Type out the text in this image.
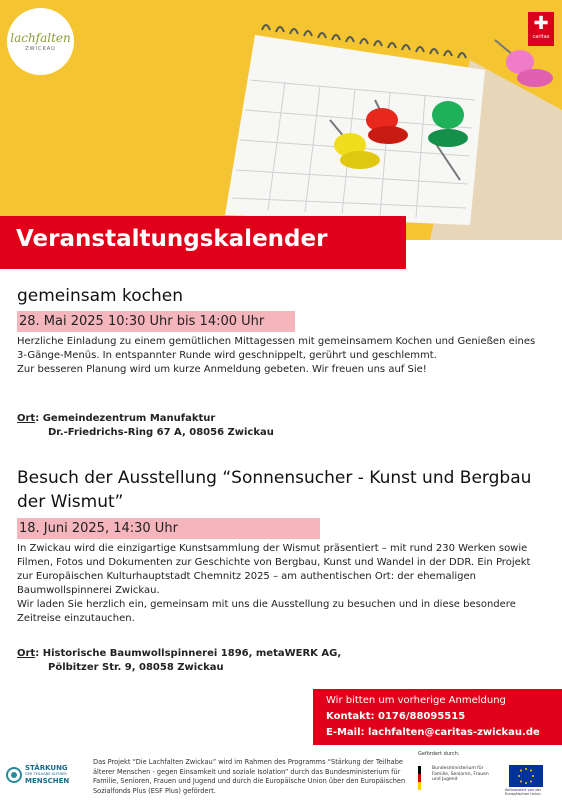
lachfalten
ZWICKAU
✚
caritas
Veranstaltungskalender
gemeinsam kochen
28. Mai 2025 10:30 Uhr bis 14:00 Uhr
Herzliche Einladung zu einem gemütlichen Mittagessen mit gemeinsamem Kochen und Genießen eines 3-Gänge-Menüs. In entspannter Runde wird geschnippelt, gerührt und geschlemmt.
Zur besseren Planung wird um kurze Anmeldung gebeten. Wir freuen uns auf Sie!
Ort: Gemeindezentrum Manufaktur
Dr.-Friedrichs-Ring 67 A, 08056 Zwickau
Besuch der Ausstellung “Sonnensucher - Kunst und Bergbau der Wismut”
18. Juni 2025, 14:30 Uhr
In Zwickau wird die einzigartige Kunstsammlung der Wismut präsentiert – mit rund 230 Werken sowie Filmen, Fotos und Dokumenten zur Geschichte von Bergbau, Kunst und Wandel in der DDR. Ein Projekt zur Europäischen Kulturhauptstadt Chemnitz 2025 – am authentischen Ort: der ehemaligen Baumwollspinnerei Zwickau.
Wir laden Sie herzlich ein, gemeinsam mit uns die Ausstellung zu besuchen und in diese besondere Zeitreise einzutauchen.
Ort: Historische Baumwollspinnerei 1896, metaWERK AG,
Pölbitzer Str. 9, 08058 Zwickau
Wir bitten um vorherige Anmeldung
Kontakt: 0176/88095515
E-Mail: lachfalten@caritas-zwickau.de
STÄRKUNG
DER TEILHABE ÄLTERER
MENSCHEN
Das Projekt “Die Lachfalten Zwickau” wird im Rahmen des Programms “Stärkung der Teilhabe älterer Menschen - gegen Einsamkeit und soziale Isolation” durch das Bundesministerium für Familie, Senioren, Frauen und Jugend und durch die Europäische Union über den Europäischen Sozialfonds Plus (ESF Plus) gefördert.
Gefördert durch:
Bundesministerium für Familie, Senioren, Frauen und Jugend
Kofinanziert von der Europäischen Union
